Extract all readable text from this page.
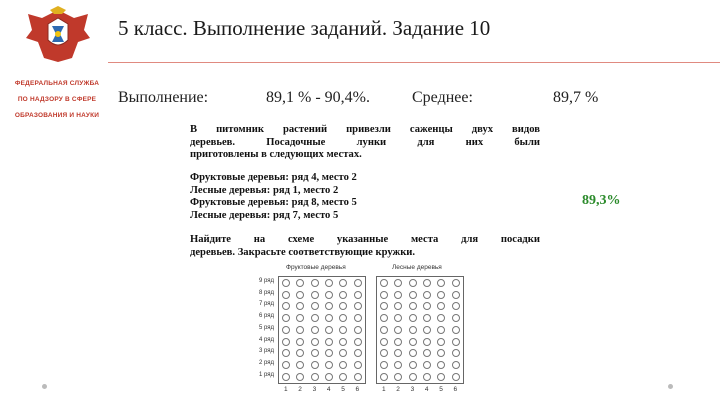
ФЕДЕРАЛЬНАЯ СЛУЖБА
ПО НАДЗОРУ В СФЕРЕ
ОБРАЗОВАНИЯ И НАУКИ
5 класс. Выполнение заданий. Задание 10
Выполнение:	89,1 % - 90,4%.	Среднее:	89,7 %
В питомник растений привезли саженцы двух видов
деревьев. Посадочные лунки для них были
приготовлены в следующих местах.
Фруктовые деревья: ряд 4, место 2
Лесные деревья: ряд 1, место 2
Фруктовые деревья: ряд 8, место 5
Лесные деревья: ряд 7, место 5
89,3%
Найдите на схеме указанные места для посадки
деревьев. Закрасьте соответствующие кружки.
Фруктовые деревья	Лесные деревья
9 ряд
8 ряд
7 ряд
6 ряд
5 ряд
4 ряд
3 ряд
2 ряд
1 ряд
1 2 3 4 5 6	1 2 3 4 5 6
